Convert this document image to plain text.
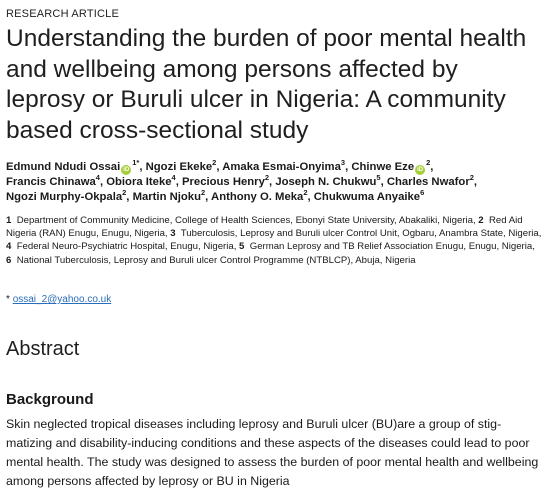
RESEARCH ARTICLE
Understanding the burden of poor mental health and wellbeing among persons affected by leprosy or Buruli ulcer in Nigeria: A community based cross-sectional study
Edmund Ndudi Ossai $iD^{1*}$, Ngozi Ekeke$^2$, Amaka Esmai-Onyima$^3$, Chinwe Eze $iD^2$,
Francis Chinawa$^4$, Obiora Iteke$^4$, Precious Henry$^2$, Joseph N. Chukwu$^5$, Charles Nwafor$^2$,
Ngozi Murphy-Okpala$^2$, Martin Njoku$^2$, Anthony O. Meka$^2$, Chukwuma Anyaike$^6$
1 Department of Community Medicine, College of Health Sciences, Ebonyi State University, Abakaliki, Nigeria, 2 Red Aid Nigeria (RAN) Enugu, Enugu, Nigeria, 3 Tuberculosis, Leprosy and Buruli ulcer Control Unit, Ogbaru, Anambra State, Nigeria, 4 Federal Neuro-Psychiatric Hospital, Enugu, Nigeria, 5 German Leprosy and TB Relief Association Enugu, Enugu, Nigeria, 6 National Tuberculosis, Leprosy and Buruli ulcer Control Programme (NTBLCP), Abuja, Nigeria
* ossai_2@yahoo.co.uk
Abstract
Background
Skin neglected tropical diseases including leprosy and Buruli ulcer (BU)are a group of stig-matizing and disability-inducing conditions and these aspects of the diseases could lead to poor mental health. The study was designed to assess the burden of poor mental health and wellbeing among persons affected by leprosy or BU in Nigeria
